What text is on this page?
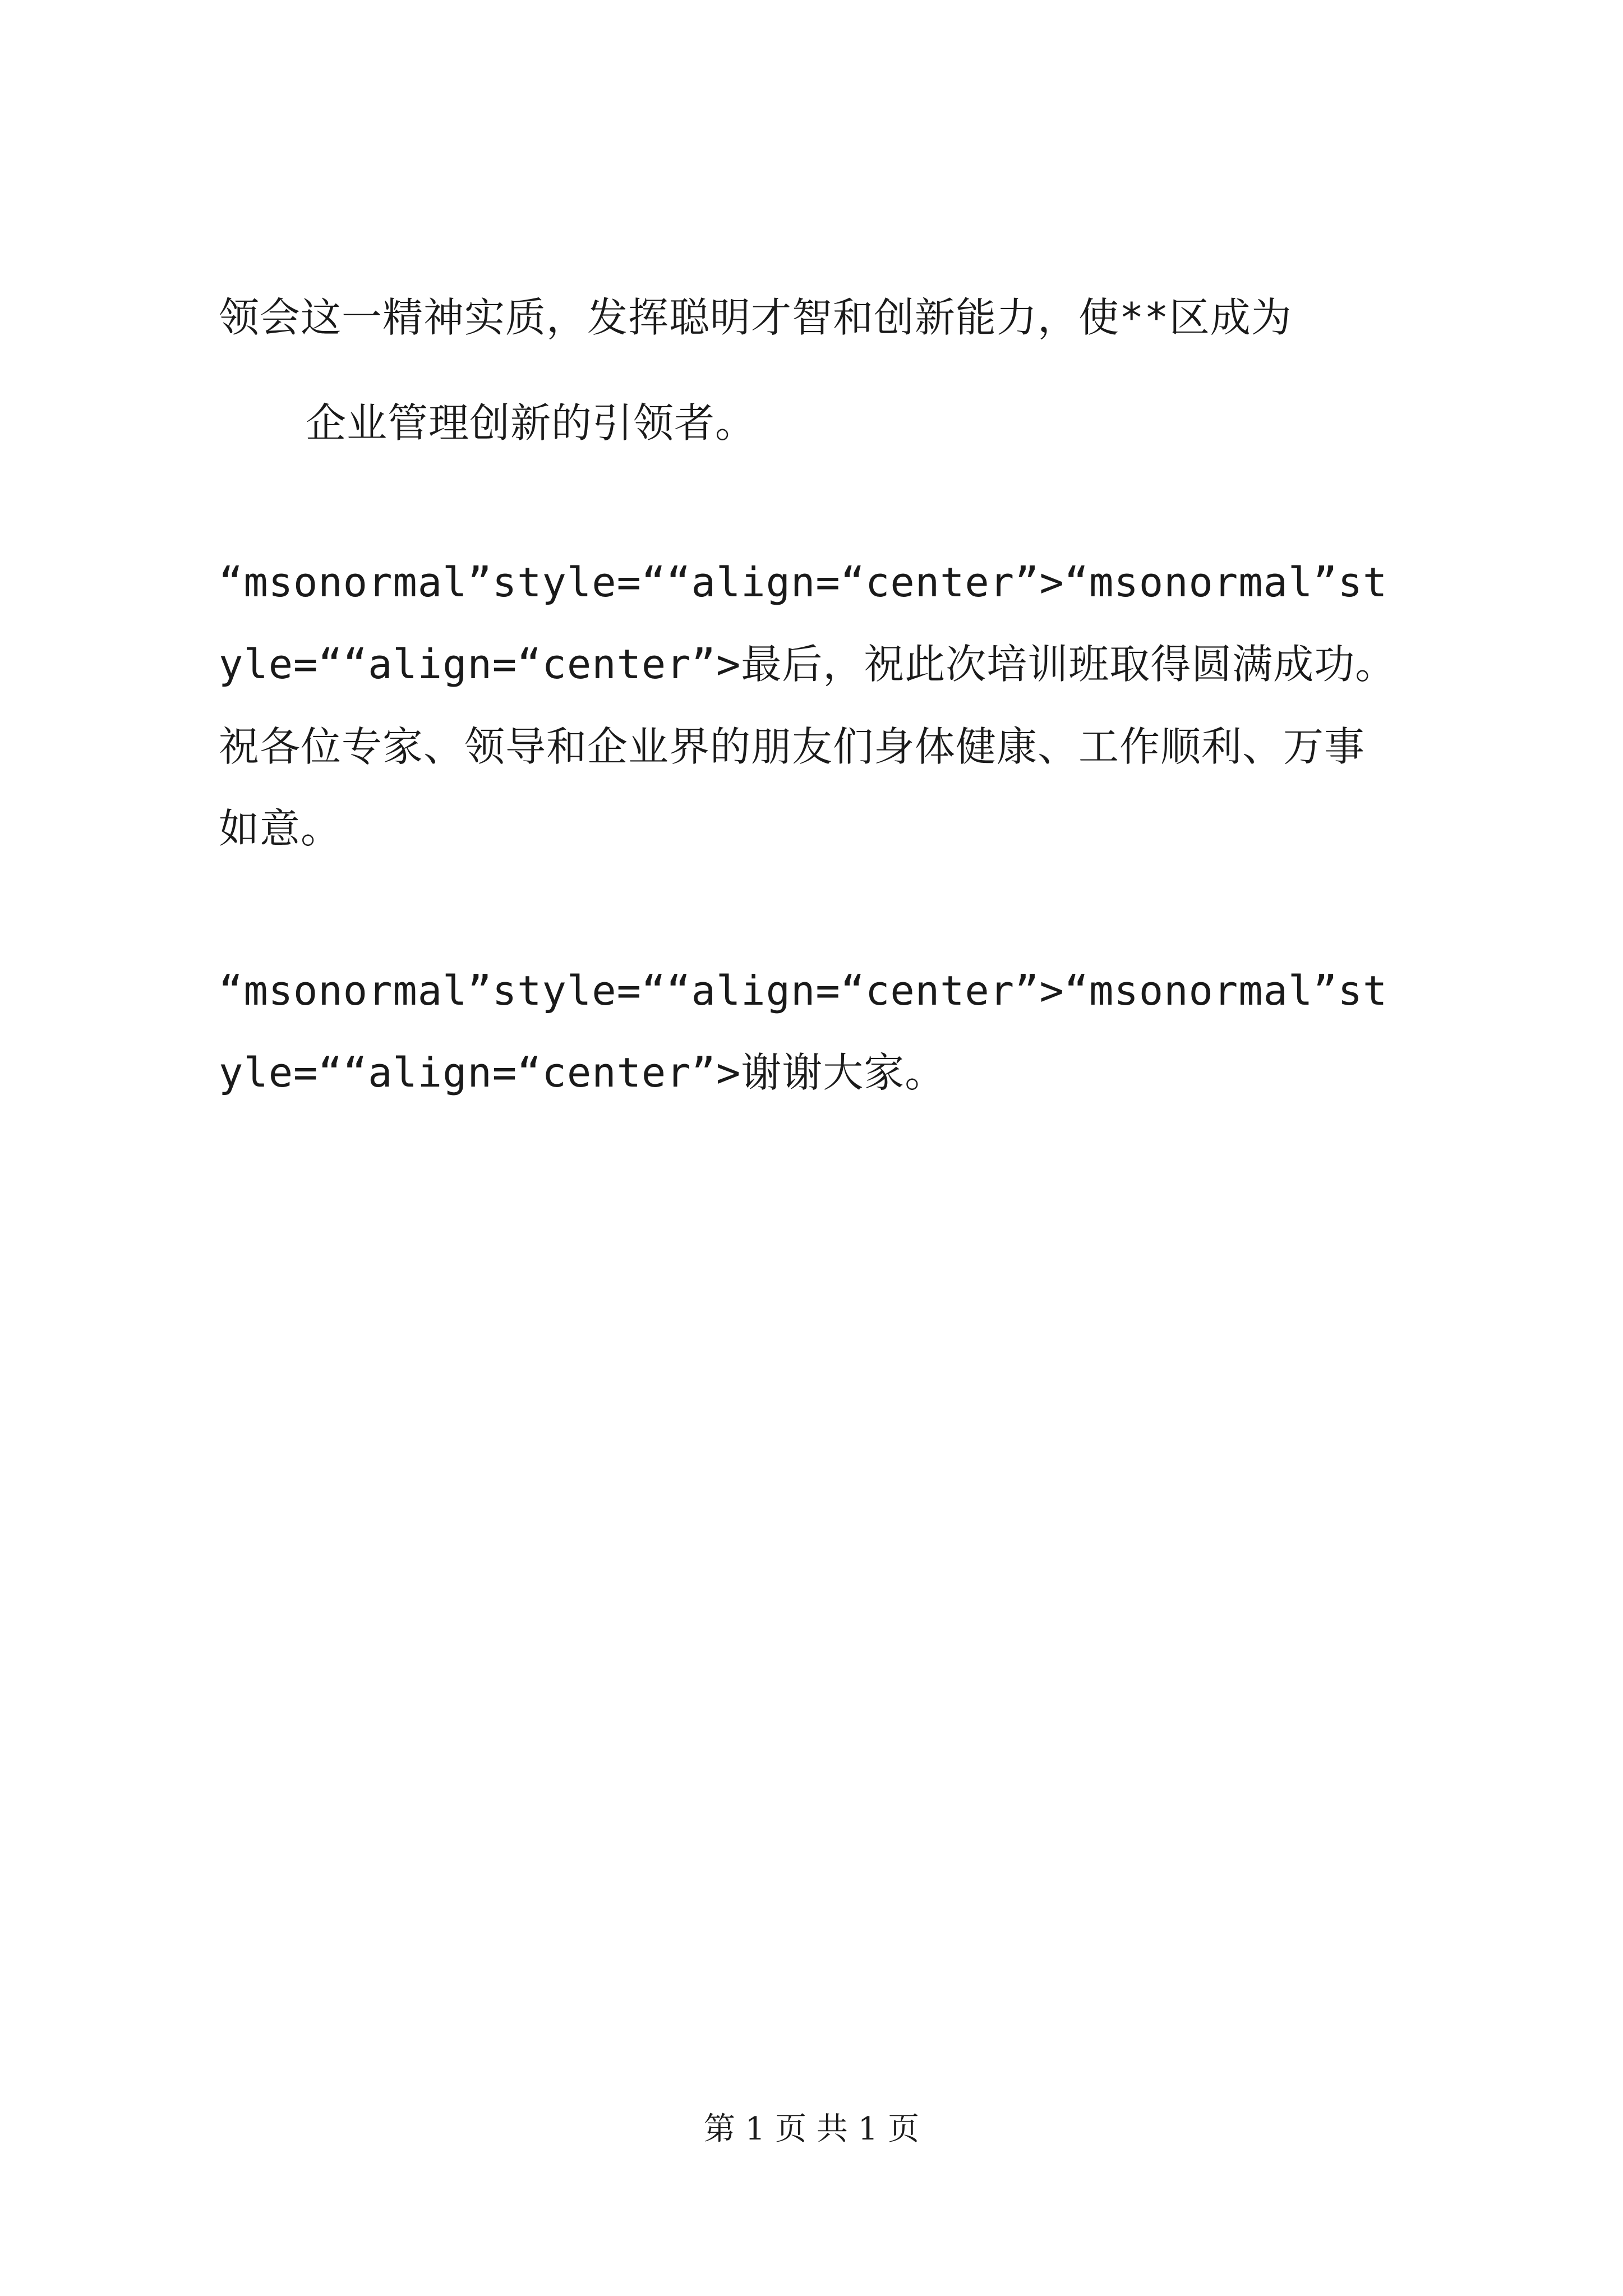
领会这一精神实质，发挥聪明才智和创新能力，使**区成为
企业管理创新的引领者。
“msonormal”style=““align=“center”>“msonormal”st
yle=““align=“center”>最后，祝此次培训班取得圆满成功。
祝各位专家、领导和企业界的朋友们身体健康、工作顺利、万事
如意。
“msonormal”style=““align=“center”>“msonormal”st
yle=““align=“center”>谢谢大家。
第 1 页 共 1 页
